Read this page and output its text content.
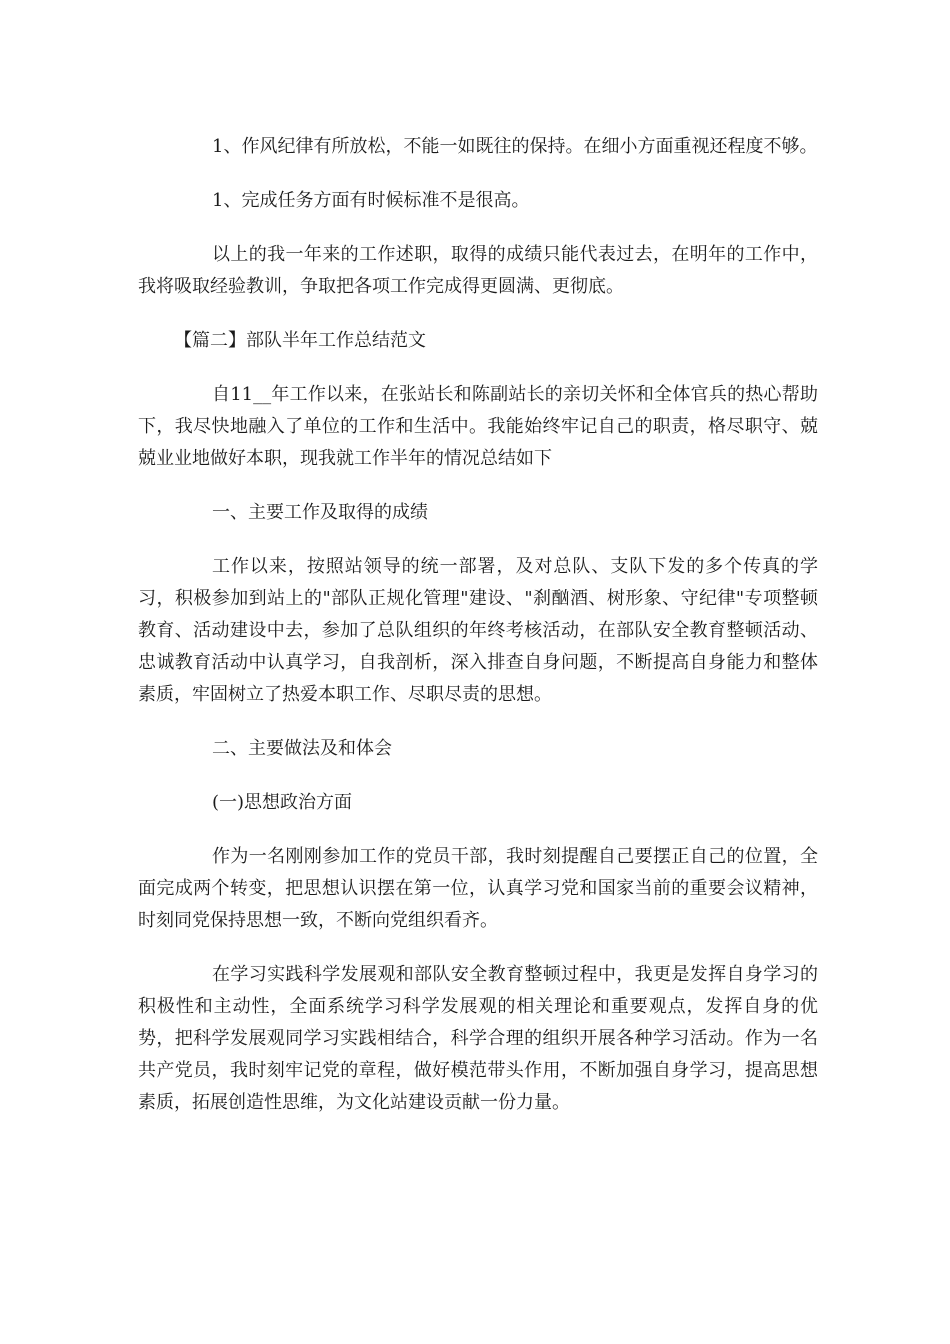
1、作风纪律有所放松，不能一如既往的保持。在细小方面重视还程度不够。

1、完成任务方面有时候标准不是很高。

以上的我一年来的工作述职，取得的成绩只能代表过去，在明年的工作中，我将吸取经验教训，争取把各项工作完成得更圆满、更彻底。

【篇二】部队半年工作总结范文

自11__年工作以来，在张站长和陈副站长的亲切关怀和全体官兵的热心帮助下，我尽快地融入了单位的工作和生活中。我能始终牢记自己的职责，格尽职守、兢兢业业地做好本职，现我就工作半年的情况总结如下

一、主要工作及取得的成绩

工作以来，按照站领导的统一部署，及对总队、支队下发的多个传真的学习，积极参加到站上的"部队正规化管理"建设、"刹酗酒、树形象、守纪律"专项整顿教育、活动建设中去，参加了总队组织的年终考核活动，在部队安全教育整顿活动、忠诚教育活动中认真学习，自我剖析，深入排查自身问题，不断提高自身能力和整体素质，牢固树立了热爱本职工作、尽职尽责的思想。

二、主要做法及和体会

(一)思想政治方面

作为一名刚刚参加工作的党员干部，我时刻提醒自己要摆正自己的位置，全面完成两个转变，把思想认识摆在第一位，认真学习党和国家当前的重要会议精神，时刻同党保持思想一致，不断向党组织看齐。

在学习实践科学发展观和部队安全教育整顿过程中，我更是发挥自身学习的积极性和主动性，全面系统学习科学发展观的相关理论和重要观点，发挥自身的优势，把科学发展观同学习实践相结合，科学合理的组织开展各种学习活动。作为一名共产党员，我时刻牢记党的章程，做好模范带头作用，不断加强自身学习，提高思想素质，拓展创造性思维，为文化站建设贡献一份力量。
